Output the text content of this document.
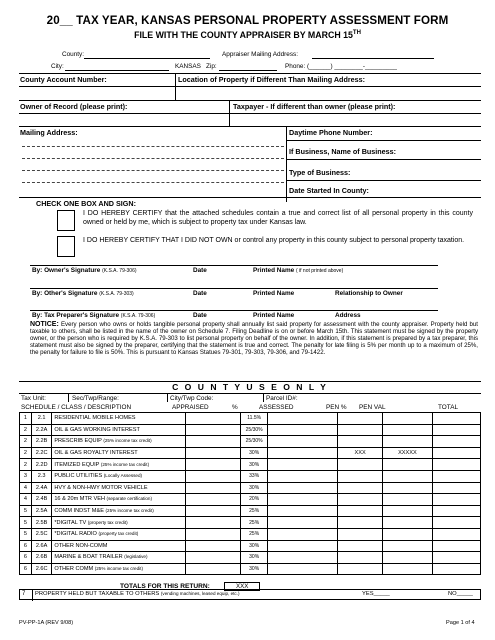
20__ TAX YEAR, KANSAS PERSONAL PROPERTY ASSESSMENT FORM
FILE WITH THE COUNTY APPRAISER BY MARCH 15TH
County:	Appraiser Mailing Address:
City:	KANSAS Zip:	Phone: (______) ________-_________
County Account Number:	Location of Property if Different Than Mailing Address:
Owner of Record (please print):	Taxpayer - If different than owner (please print):
Mailing Address:	Daytime Phone Number:
If Business, Name of Business:
Type of Business:
Date Started In County:
CHECK ONE BOX AND SIGN:
I DO HEREBY CERTIFY that the attached schedules contain a true and correct list of all personal property in this county owned or held by me, which is subject to property tax under Kansas law.
I DO HEREBY CERTIFY THAT I DID NOT OWN or control any property in this county subject to personal property taxation.
By: Owner's Signature (K.S.A. 79-306)	Date	Printed Name ( if not printed above)
By: Other's Signature (K.S.A. 79-303)	Date	Printed Name	Relationship to Owner
By: Tax Preparer's Signature (K.S.A. 79-306)	Date	Printed Name	Address
NOTICE: Every person who owns or holds tangible personal property shall annually list said property for assessment with the county appraiser. Property held but taxable to others, shall be listed in the name of the owner on Schedule 7. Filing Deadline is on or before March 15th. This statement must be signed by the property owner, or the person who is required by K.S.A. 79-303 to list personal property on behalf of the owner. In addition, if this statement is prepared by a tax preparer, this statement must also be signed by the preparer, certifying that the statement is true and correct. The penalty for late filing is 5% per month up to a maximum of 25%, the penalty for failure to file is 50%. This is pursuant to Kansas Statues 79-301, 79-303, 79-306, and 79-1422.
C O U N T Y U S E O N L Y
Tax Unit:	Sec/Twp/Range:	City/Twp Code:	Parcel ID#:
SCHEDULE / CLASS / DESCRIPTION	APPRAISED	%	ASSESSED	PEN % PEN VAL	TOTAL
1	2.1	RESIDENTIAL MOBILE HOMES		11.5%				
2	2.2A	OIL & GAS WORKING INTEREST		25/30%				
2	2.2B	PRESCRIB EQUIP (25% income tax credit)		25/30%				
2	2.2C	OIL & GAS ROYALTY INTEREST		30%		XXX	XXXXX	
2	2.2D	ITEMIZED EQUIP (25% income tax credit)		30%				
3	2.3	PUBLIC UTILITIES (Locally Assessed)		33%				
4	2.4A	HVY & NON-HWY MOTOR VEHICLE		30%				
4	2.4B	16 & 20m MTR VEH (separate certification)		20%				
5	2.5A	COMM INDST M&E (25% income tax credit)		25%				
5	2.5B	*DIGITAL TV (property tax credit)		25%				
5	2.5C	*DIGITAL RADIO (property tax credit)		25%				
6	2.6A	OTHER NON-COMM		30%				
6	2.6B	MARINE & BOAT TRAILER (legislative)		30%				
6	2.6C	OTHER COMM (25% income tax credit)		30%				
TOTALS FOR THIS RETURN:	XXX
7 PROPERTY HELD BUT TAXABLE TO OTHERS (vending machines, leased equip, etc.)	YES_____	NO_____
PV-PP-1A (REV 9/08)	Page 1 of 4
